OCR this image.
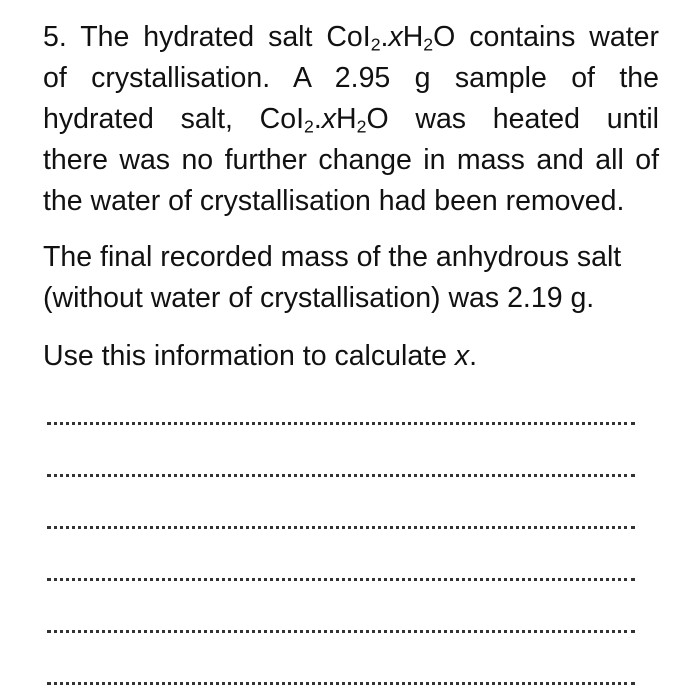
5. The hydrated salt $CoI_2.xH_2O$ contains water
of crystallisation. A 2.95 g sample of the
hydrated salt, $CoI_2.xH_2O$ was heated until
there was no further change in mass and all of
the water of crystallisation had been removed.
The final recorded mass of the anhydrous salt
(without water of crystallisation) was 2.19 g.
Use this information to calculate x.
